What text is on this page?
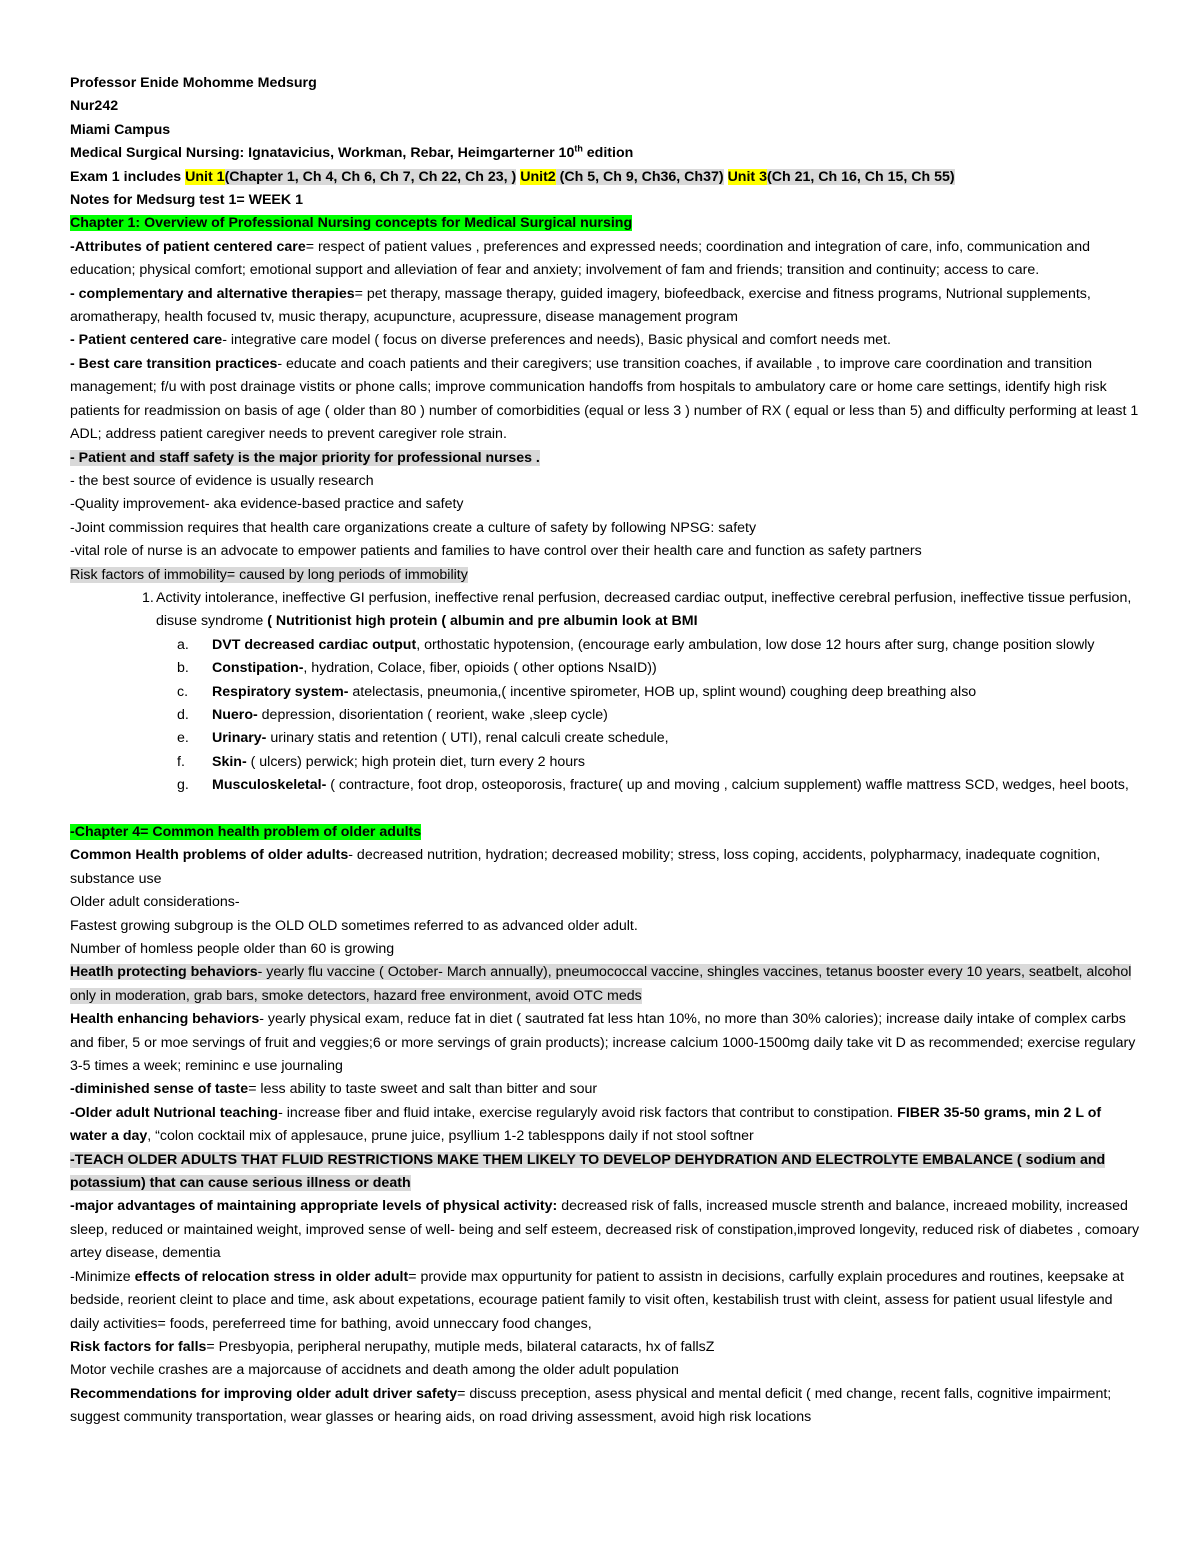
Professor Enide Mohomme Medsurg

Nur242

Miami Campus

Medical Surgical Nursing: Ignatavicius, Workman, Rebar, Heimgarterner 10th edition

Exam 1 includes Unit 1(Chapter 1, Ch 4, Ch 6, Ch 7, Ch 22, Ch 23, ) Unit2 (Ch 5, Ch 9, Ch36, Ch37) Unit 3(Ch 21, Ch 16, Ch 15, Ch 55)

Notes for Medsurg test 1= WEEK 1

Chapter 1: Overview of Professional Nursing concepts for Medical Surgical nursing

-Attributes of patient centered care= respect of patient values , preferences and expressed needs; coordination and integration of care, info, communication and education; physical comfort; emotional support and alleviation of fear and anxiety; involvement of fam and friends; transition and continuity; access to care.

- complementary and alternative therapies= pet therapy, massage therapy, guided imagery, biofeedback, exercise and fitness programs, Nutrional supplements, aromatherapy, health focused tv, music therapy, acupuncture, acupressure, disease management program

- Patient centered care- integrative care model ( focus on diverse preferences and needs), Basic physical and comfort needs met.

- Best care transition practices- educate and coach patients and their caregivers; use transition coaches, if available , to improve care coordination and transition management; f/u with post drainage vistits or phone calls; improve communication handoffs from hospitals to ambulatory care or home care settings, identify high risk patients for readmission on basis of age ( older than 80 ) number of comorbidities (equal or less 3 ) number of RX ( equal or less than 5) and difficulty performing at least 1 ADL; address patient caregiver needs to prevent caregiver role strain.

- Patient and staff safety is the major priority for professional nurses .

- the best source of evidence is usually research

-Quality improvement- aka evidence-based practice and safety

-Joint commission requires that health care organizations create a culture of safety by following NPSG: safety

-vital role of nurse is an advocate to empower patients and families to have control over their health care and function as safety partners

Risk factors of immobility= caused by long periods of immobility

1. Activity intolerance, ineffective GI perfusion, ineffective renal perfusion, decreased cardiac output, ineffective cerebral perfusion, ineffective tissue perfusion, disuse syndrome ( Nutritionist high protein ( albumin and pre albumin look at BMI
a.	DVT decreased cardiac output, orthostatic hypotension, (encourage early ambulation, low dose 12 hours after surg, change position slowly
b.	Constipation-, hydration, Colace, fiber, opioids ( other options NsaID))
c.	Respiratory system- atelectasis, pneumonia,( incentive spirometer, HOB up, splint wound) coughing deep breathing also
d.	Nuero- depression, disorientation ( reorient, wake ,sleep cycle)
e.	Urinary- urinary statis and retention ( UTI), renal calculi create schedule,
f.	Skin- ( ulcers) perwick; high protein diet, turn every 2 hours
g.	Musculoskeletal- ( contracture, foot drop, osteoporosis, fracture( up and moving , calcium supplement) waffle mattress SCD, wedges, heel boots,

-Chapter 4= Common health problem of older adults

Common Health problems of older adults- decreased nutrition, hydration; decreased mobility; stress, loss coping, accidents, polypharmacy, inadequate cognition, substance use

Older adult considerations-

Fastest growing subgroup is the OLD OLD sometimes referred to as advanced older adult.

Number of homless people older than 60 is growing

Heatlh protecting behaviors- yearly flu vaccine ( October- March annually), pneumococcal vaccine, shingles vaccines, tetanus booster every 10 years, seatbelt, alcohol only in moderation, grab bars, smoke detectors, hazard free environment, avoid OTC meds

Health enhancing behaviors- yearly physical exam, reduce fat in diet ( sautrated fat less htan 10%, no more than 30% calories); increase daily intake of complex carbs and fiber, 5 or moe servings of fruit and veggies;6 or more servings of grain products); increase calcium 1000-1500mg daily take vit D as recommended; exercise regulary 3-5 times a week; remininc e use journaling

-diminished sense of taste= less ability to taste sweet and salt than bitter and sour

-Older adult Nutrional teaching- increase fiber and fluid intake, exercise regularyly avoid risk factors that contribut to constipation. FIBER 35-50 grams, min 2 L of water a day, “colon cocktail mix of applesauce, prune juice, psyllium 1-2 tablesppons daily if not stool softner

-TEACH OLDER ADULTS THAT FLUID RESTRICTIONS MAKE THEM LIKELY TO DEVELOP DEHYDRATION AND ELECTROLYTE EMBALANCE ( sodium and potassium) that can cause serious illness or death

-major advantages of maintaining appropriate levels of physical activity: decreased risk of falls, increased muscle strenth and balance, increaed mobility, increased sleep, reduced or maintained weight, improved sense of well- being and self esteem, decreased risk of constipation,improved longevity, reduced risk of diabetes , comoary artey disease, dementia

-Minimize effects of relocation stress in older adult= provide max oppurtunity for patient to assistn in decisions, carfully explain procedures and routines, keepsake at bedside, reorient cleint to place and time, ask about expetations, ecourage patient family to visit often, kestabilish trust with cleint, assess for patient usual lifestyle and daily activities= foods, pereferreed time for bathing, avoid unneccary food changes,

Risk factors for falls= Presbyopia, peripheral nerupathy, mutiple meds, bilateral cataracts, hx of fallsZ

Motor vechile crashes are a majorcause of accidnets and death among the older adult population

Recommendations for improving older adult driver safety= discuss preception, asess physical and mental deficit ( med change, recent falls, cognitive impairment; suggest community transportation, wear glasses or hearing aids, on road driving assessment, avoid high risk locations
